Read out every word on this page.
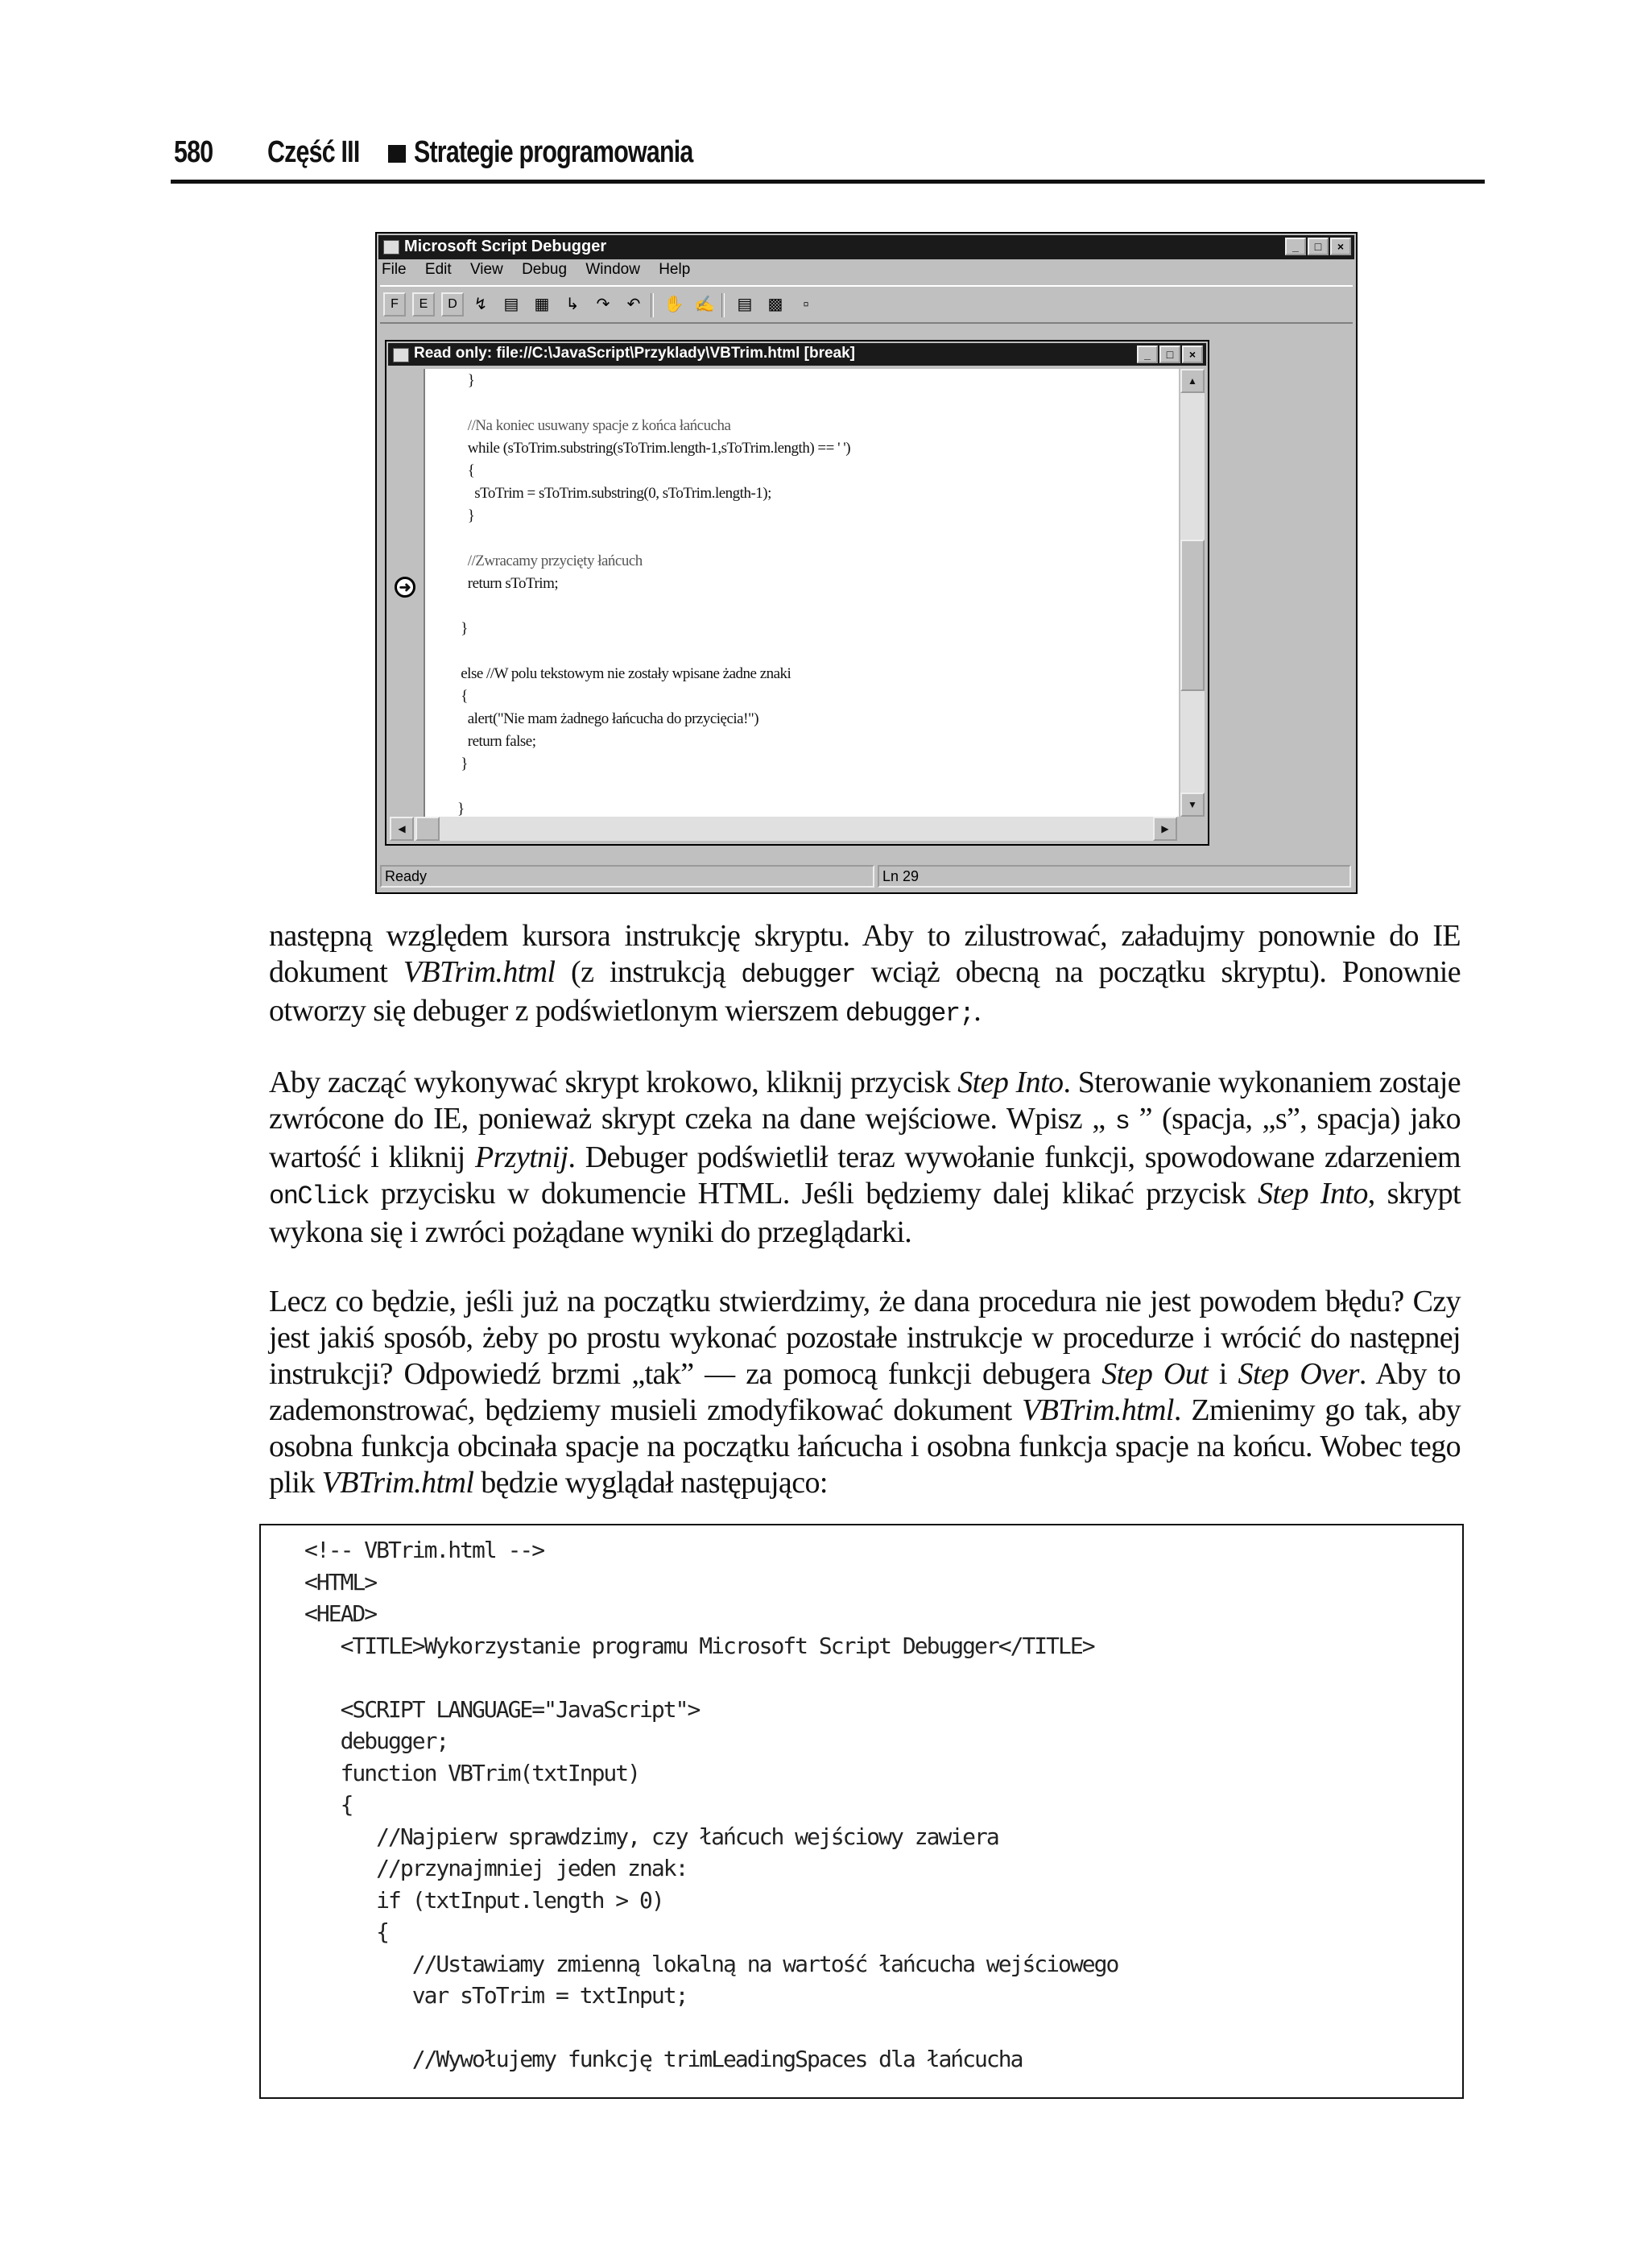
580 Część III Strategie programowania
Microsoft Script Debugger	_ □ ×
File Edit View Debug Window Help
F	E	D	↯ ▤ ▦ ↳ ↷ ↶ ✋ ✍ ▤ ▩	▫
Read only: file://C:\JavaScript\Przyklady\VBTrim.html [break]	_ □ ×
➜
}
//Na koniec usuwany spacje z końca łańcucha
while (sToTrim.substring(sToTrim.length-1,sToTrim.length) == ' ')
{
sToTrim = sToTrim.substring(0, sToTrim.length-1);
}
//Zwracamy przycięty łańcuch
return sToTrim;
}
else //W polu tekstowym nie zostały wpisane żadne znaki
{
alert("Nie mam żadnego łańcucha do przycięcia!")
return false;
}
}
▲
▼
◀	▶
Ready	Ln 29

następną względem kursora instrukcję skryptu. Aby to zilustrować, załadujmy ponownie do IE dokument VBTrim.html (z instrukcją debugger wciąż obecną na początku skryptu). Ponownie otworzy się debuger z podświetlonym wierszem debugger;.

Aby zacząć wykonywać skrypt krokowo, kliknij przycisk Step Into. Sterowanie wykonaniem zostaje zwrócone do IE, ponieważ skrypt czeka na dane wejściowe. Wpisz „ s ” (spacja, „s”, spacja) jako wartość i kliknij Przytnij. Debuger podświetlił teraz wywołanie funkcji, spowodowane zdarzeniem onClick przycisku w dokumencie HTML. Jeśli będziemy dalej klikać przycisk Step Into, skrypt wykona się i zwróci pożądane wyniki do przeglądarki.

Lecz co będzie, jeśli już na początku stwierdzimy, że dana procedura nie jest powodem błędu? Czy jest jakiś sposób, żeby po prostu wykonać pozostałe instrukcje w procedurze i wrócić do następnej instrukcji? Odpowiedź brzmi „tak” — za pomocą funkcji debugera Step Out i Step Over. Aby to zademonstrować, będziemy musieli zmodyfikować dokument VBTrim.html. Zmienimy go tak, aby osobna funkcja obcinała spacje na początku łańcucha i osobna funkcja spacje na końcu. Wobec tego plik VBTrim.html będzie wyglądał następująco:

<!-- VBTrim.html -->
<HTML>
<HEAD>
<TITLE>Wykorzystanie programu Microsoft Script Debugger</TITLE>
<SCRIPT LANGUAGE="JavaScript">
debugger;
function VBTrim(txtInput)
{
//Najpierw sprawdzimy, czy łańcuch wejściowy zawiera
//przynajmniej jeden znak:
if (txtInput.length > 0)
{
//Ustawiamy zmienną lokalną na wartość łańcucha wejściowego
var sToTrim = txtInput;
//Wywołujemy funkcję trimLeadingSpaces dla łańcucha
